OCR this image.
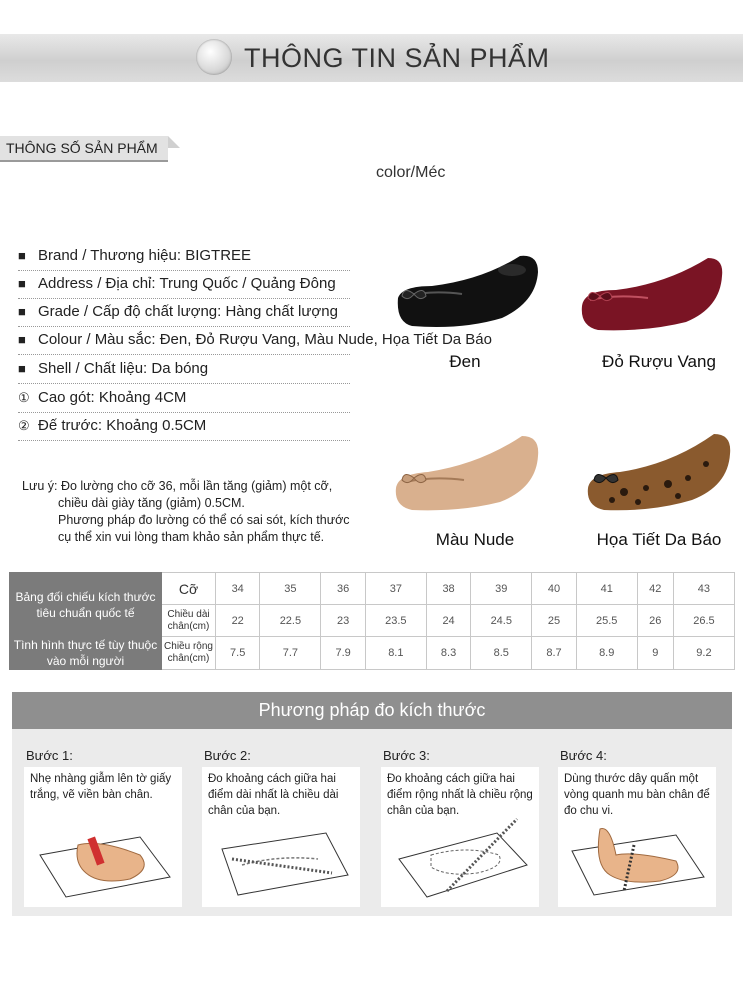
THÔNG TIN SẢN PHẨM
THÔNG SỐ SẢN PHẨM
color/Méc
■ Brand / Thương hiệu: BIGTREE
■ Address / Địa chỉ: Trung Quốc / Quảng Đông
■ Grade / Cấp độ chất lượng: Hàng chất lượng
■ Colour / Màu sắc: Đen, Đỏ Rượu Vang, Màu Nude, Họa Tiết Da Báo
■ Shell / Chất liệu: Da bóng
① Cao gót: Khoảng 4CM
② Đế trước: Khoảng 0.5CM
Đen	Đỏ Rượu Vang
Màu Nude	Họa Tiết Da Báo
Lưu ý: Đo lường cho cỡ 36, mỗi lần tăng (giảm) một cỡ,
chiều dài giày tăng (giảm) 0.5CM.
Phương pháp đo lường có thể có sai sót, kích thước
cụ thể xin vui lòng tham khảo sản phẩm thực tế.
Bảng đối chiếu kích thước tiêu chuẩn quốc tế	Cỡ	34	35	36	37	38	39	40	41	42	43
	Chiều dài chân(cm)	22	22.5	23	23.5	24	24.5	25	25.5	26	26.5
Tình hình thực tế tùy thuộc vào mỗi người	Chiều rộng chân(cm)	7.5	7.7	7.9	8.1	8.3	8.5	8.7	8.9	9	9.2
Phương pháp đo kích thước
Bước 1:	Bước 2:	Bước 3:	Bước 4:
Nhẹ nhàng giẫm lên tờ giấy trắng, vẽ viền bàn chân.
Đo khoảng cách giữa hai điểm dài nhất là chiều dài chân của bạn.
Đo khoảng cách giữa hai điểm rộng nhất là chiều rộng chân của bạn.
Dùng thước dây quấn một vòng quanh mu bàn chân để đo chu vi.
